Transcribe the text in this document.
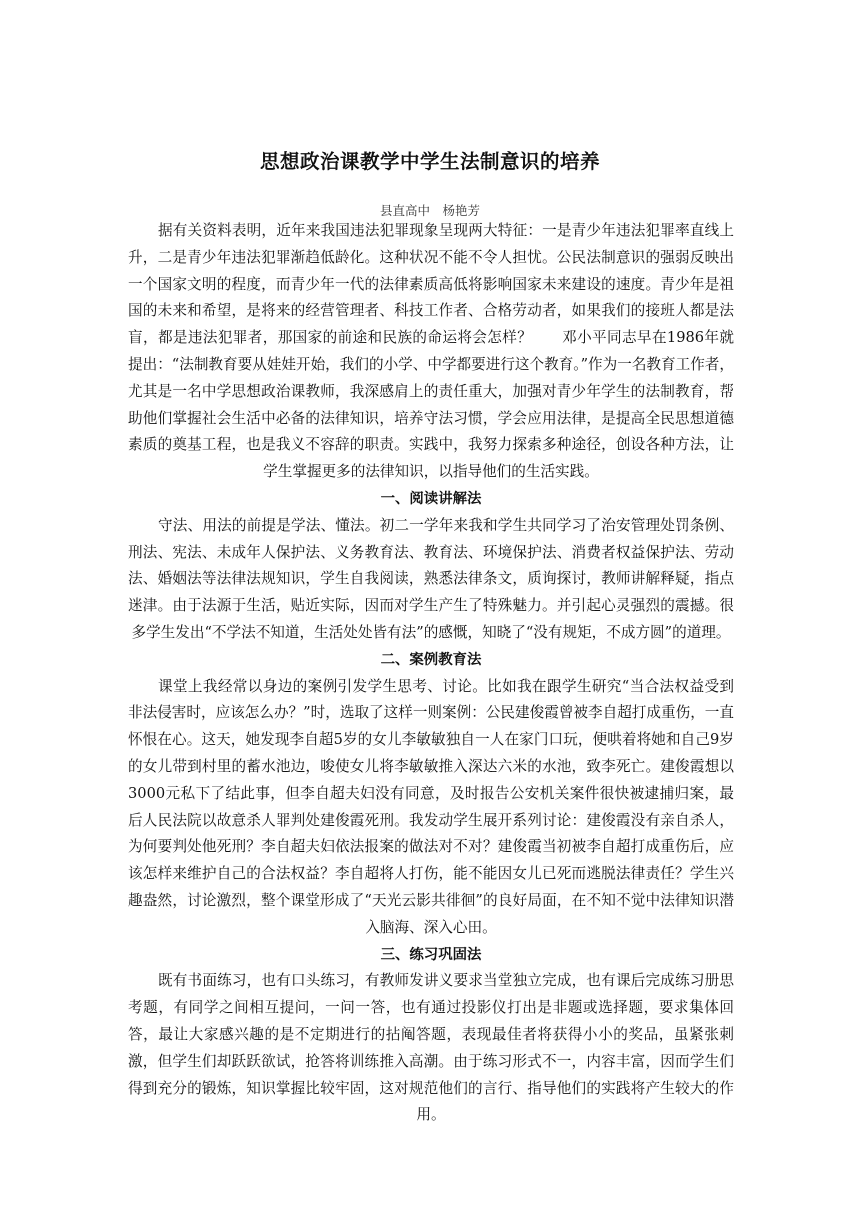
思想政治课教学中学生法制意识的培养
县直高中　杨艳芳

据有关资料表明，近年来我国违法犯罪现象呈现两大特征：一是青少年违法犯罪率直线上升，二是青少年违法犯罪渐趋低龄化。这种状况不能不令人担忧。公民法制意识的强弱反映出一个国家文明的程度，而青少年一代的法律素质高低将影响国家未来建设的速度。青少年是祖国的未来和希望，是将来的经营管理者、科技工作者、合格劳动者，如果我们的接班人都是法盲，都是违法犯罪者，那国家的前途和民族的命运将会怎样？　　邓小平同志早在1986年就提出：“法制教育要从娃娃开始，我们的小学、中学都要进行这个教育。”作为一名教育工作者，尤其是一名中学思想政治课教师，我深感肩上的责任重大，加强对青少年学生的法制教育，帮助他们掌握社会生活中必备的法律知识，培养守法习惯，学会应用法律，是提高全民思想道德素质的奠基工程，也是我义不容辞的职责。实践中，我努力探索多种途径，创设各种方法，让学生掌握更多的法律知识，以指导他们的生活实践。

一、阅读讲解法

守法、用法的前提是学法、懂法。初二一学年来我和学生共同学习了治安管理处罚条例、刑法、宪法、未成年人保护法、义务教育法、教育法、环境保护法、消费者权益保护法、劳动法、婚姻法等法律法规知识，学生自我阅读，熟悉法律条文，质询探讨，教师讲解释疑，指点迷津。由于法源于生活，贴近实际，因而对学生产生了特殊魅力。并引起心灵强烈的震撼。很多学生发出“不学法不知道，生活处处皆有法”的感慨，知晓了“没有规矩，不成方圆”的道理。

二、案例教育法

课堂上我经常以身边的案例引发学生思考、讨论。比如我在跟学生研究“当合法权益受到非法侵害时，应该怎么办？”时，选取了这样一则案例：公民建俊霞曾被李自超打成重伤，一直怀恨在心。这天，她发现李自超5岁的女儿李敏敏独自一人在家门口玩，便哄着将她和自己9岁的女儿带到村里的蓄水池边，唆使女儿将李敏敏推入深达六米的水池，致李死亡。建俊霞想以3000元私下了结此事，但李自超夫妇没有同意，及时报告公安机关案件很快被逮捕归案，最后人民法院以故意杀人罪判处建俊霞死刑。我发动学生展开系列讨论：建俊霞没有亲自杀人，为何要判处他死刑？李自超夫妇依法报案的做法对不对？建俊霞当初被李自超打成重伤后，应该怎样来维护自己的合法权益？李自超将人打伤，能不能因女儿已死而逃脱法律责任？学生兴趣盎然，讨论激烈，整个课堂形成了“天光云影共徘徊”的良好局面，在不知不觉中法律知识潜入脑海、深入心田。

三、练习巩固法

既有书面练习，也有口头练习，有教师发讲义要求当堂独立完成，也有课后完成练习册思考题，有同学之间相互提问，一问一答，也有通过投影仪打出是非题或选择题，要求集体回答，最让大家感兴趣的是不定期进行的拈阄答题，表现最佳者将获得小小的奖品，虽紧张刺激，但学生们却跃跃欲试，抢答将训练推入高潮。由于练习形式不一，内容丰富，因而学生们得到充分的锻炼，知识掌握比较牢固，这对规范他们的言行、指导他们的实践将产生较大的作用。
